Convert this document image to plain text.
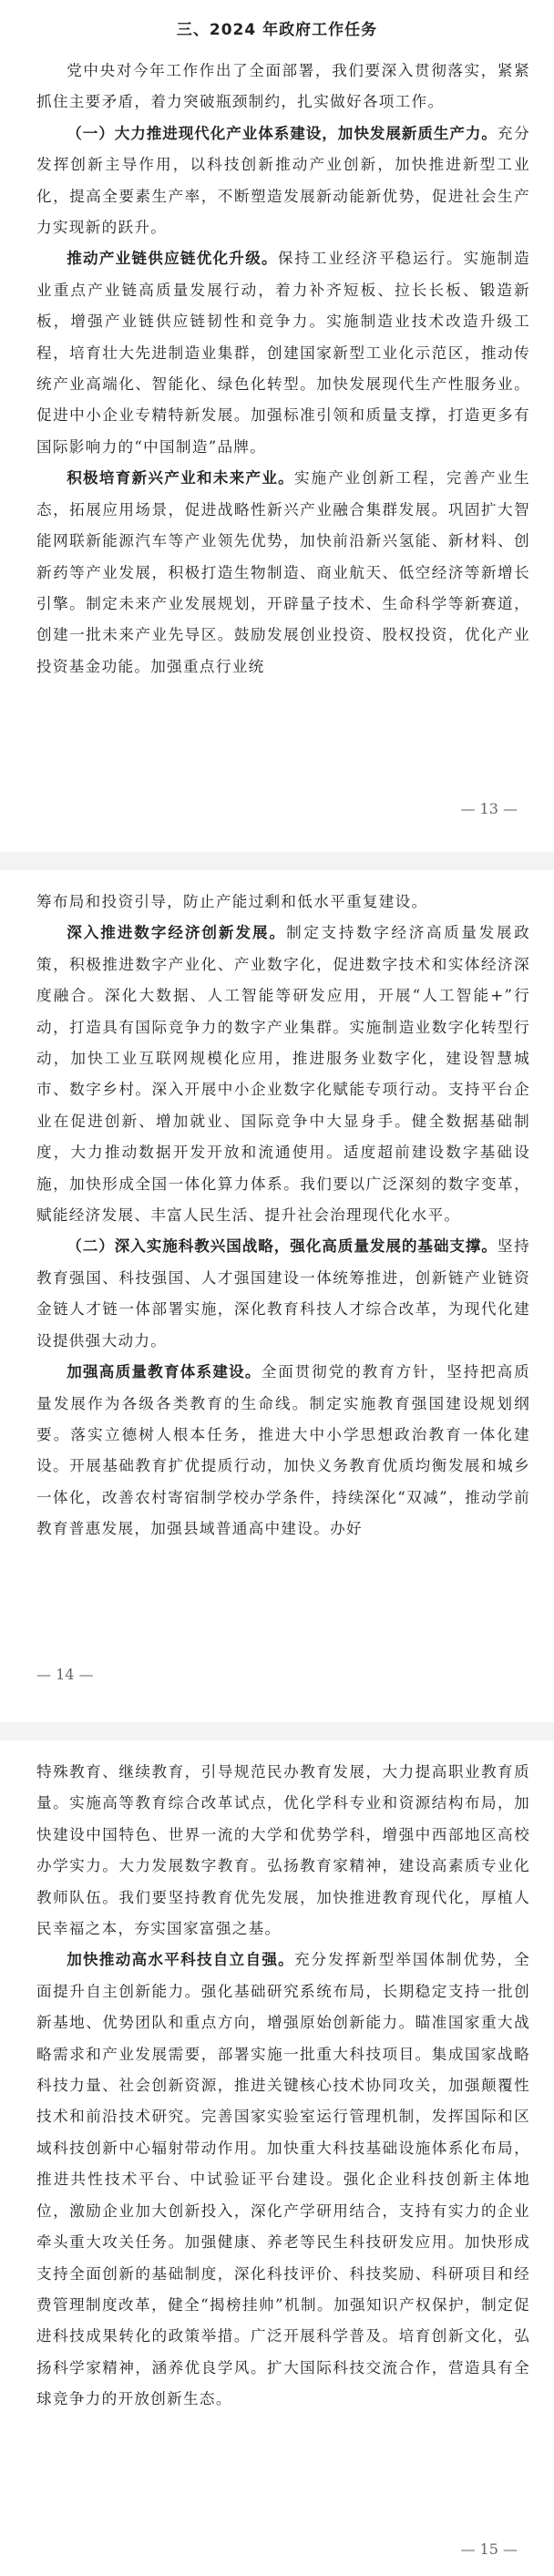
三、2024 年政府工作任务

党中央对今年工作作出了全面部署，我们要深入贯彻落实，紧紧抓住主要矛盾，着力突破瓶颈制约，扎实做好各项工作。

（一）大力推进现代化产业体系建设，加快发展新质生产力。充分发挥创新主导作用，以科技创新推动产业创新，加快推进新型工业化，提高全要素生产率，不断塑造发展新动能新优势，促进社会生产力实现新的跃升。

推动产业链供应链优化升级。保持工业经济平稳运行。实施制造业重点产业链高质量发展行动，着力补齐短板、拉长长板、锻造新板，增强产业链供应链韧性和竞争力。实施制造业技术改造升级工程，培育壮大先进制造业集群，创建国家新型工业化示范区，推动传统产业高端化、智能化、绿色化转型。加快发展现代生产性服务业。促进中小企业专精特新发展。加强标准引领和质量支撑，打造更多有国际影响力的“中国制造”品牌。

积极培育新兴产业和未来产业。实施产业创新工程，完善产业生态，拓展应用场景，促进战略性新兴产业融合集群发展。巩固扩大智能网联新能源汽车等产业领先优势，加快前沿新兴氢能、新材料、创新药等产业发展，积极打造生物制造、商业航天、低空经济等新增长引擎。制定未来产业发展规划，开辟量子技术、生命科学等新赛道，创建一批未来产业先导区。鼓励发展创业投资、股权投资，优化产业投资基金功能。加强重点行业统

— 13 —

筹布局和投资引导，防止产能过剩和低水平重复建设。

深入推进数字经济创新发展。制定支持数字经济高质量发展政策，积极推进数字产业化、产业数字化，促进数字技术和实体经济深度融合。深化大数据、人工智能等研发应用，开展“人工智能+”行动，打造具有国际竞争力的数字产业集群。实施制造业数字化转型行动，加快工业互联网规模化应用，推进服务业数字化，建设智慧城市、数字乡村。深入开展中小企业数字化赋能专项行动。支持平台企业在促进创新、增加就业、国际竞争中大显身手。健全数据基础制度，大力推动数据开发开放和流通使用。适度超前建设数字基础设施，加快形成全国一体化算力体系。我们要以广泛深刻的数字变革，赋能经济发展、丰富人民生活、提升社会治理现代化水平。

（二）深入实施科教兴国战略，强化高质量发展的基础支撑。坚持教育强国、科技强国、人才强国建设一体统筹推进，创新链产业链资金链人才链一体部署实施，深化教育科技人才综合改革，为现代化建设提供强大动力。

加强高质量教育体系建设。全面贯彻党的教育方针，坚持把高质量发展作为各级各类教育的生命线。制定实施教育强国建设规划纲要。落实立德树人根本任务，推进大中小学思想政治教育一体化建设。开展基础教育扩优提质行动，加快义务教育优质均衡发展和城乡一体化，改善农村寄宿制学校办学条件，持续深化“双减”，推动学前教育普惠发展，加强县域普通高中建设。办好

— 14 —

特殊教育、继续教育，引导规范民办教育发展，大力提高职业教育质量。实施高等教育综合改革试点，优化学科专业和资源结构布局，加快建设中国特色、世界一流的大学和优势学科，增强中西部地区高校办学实力。大力发展数字教育。弘扬教育家精神，建设高素质专业化教师队伍。我们要坚持教育优先发展，加快推进教育现代化，厚植人民幸福之本，夯实国家富强之基。

加快推动高水平科技自立自强。充分发挥新型举国体制优势，全面提升自主创新能力。强化基础研究系统布局，长期稳定支持一批创新基地、优势团队和重点方向，增强原始创新能力。瞄准国家重大战略需求和产业发展需要，部署实施一批重大科技项目。集成国家战略科技力量、社会创新资源，推进关键核心技术协同攻关，加强颠覆性技术和前沿技术研究。完善国家实验室运行管理机制，发挥国际和区域科技创新中心辐射带动作用。加快重大科技基础设施体系化布局，推进共性技术平台、中试验证平台建设。强化企业科技创新主体地位，激励企业加大创新投入，深化产学研用结合，支持有实力的企业牵头重大攻关任务。加强健康、养老等民生科技研发应用。加快形成支持全面创新的基础制度，深化科技评价、科技奖励、科研项目和经费管理制度改革，健全“揭榜挂帅”机制。加强知识产权保护，制定促进科技成果转化的政策举措。广泛开展科学普及。培育创新文化，弘扬科学家精神，涵养优良学风。扩大国际科技交流合作，营造具有全球竞争力的开放创新生态。

— 15 —
